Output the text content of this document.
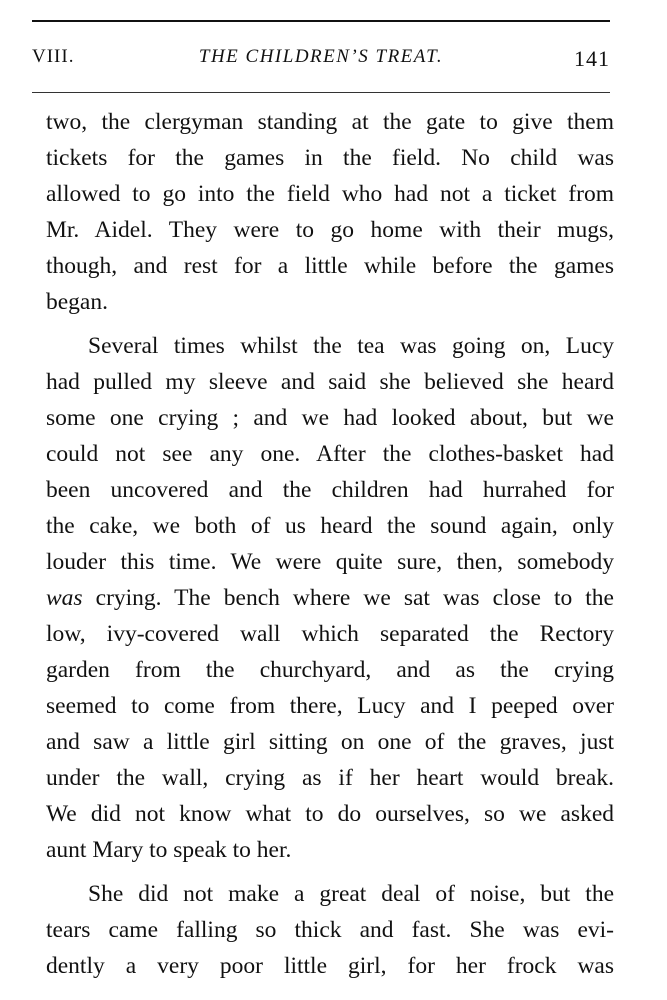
VIII.	THE CHILDREN’S TREAT.	141
two, the clergyman standing at the gate to give them
tickets for the games in the field. No child was
allowed to go into the field who had not a ticket from
Mr. Aidel. They were to go home with their mugs,
though, and rest for a little while before the games
began.
Several times whilst the tea was going on, Lucy
had pulled my sleeve and said she believed she heard
some one crying ; and we had looked about, but we
could not see any one. After the clothes-basket had
been uncovered and the children had hurrahed for
the cake, we both of us heard the sound again, only
louder this time. We were quite sure, then, somebody
was crying. The bench where we sat was close to the
low, ivy-covered wall which separated the Rectory
garden from the churchyard, and as the crying
seemed to come from there, Lucy and I peeped over
and saw a little girl sitting on one of the graves, just
under the wall, crying as if her heart would break.
We did not know what to do ourselves, so we asked
aunt Mary to speak to her.
She did not make a great deal of noise, but the
tears came falling so thick and fast. She was evi-
dently a very poor little girl, for her frock was
